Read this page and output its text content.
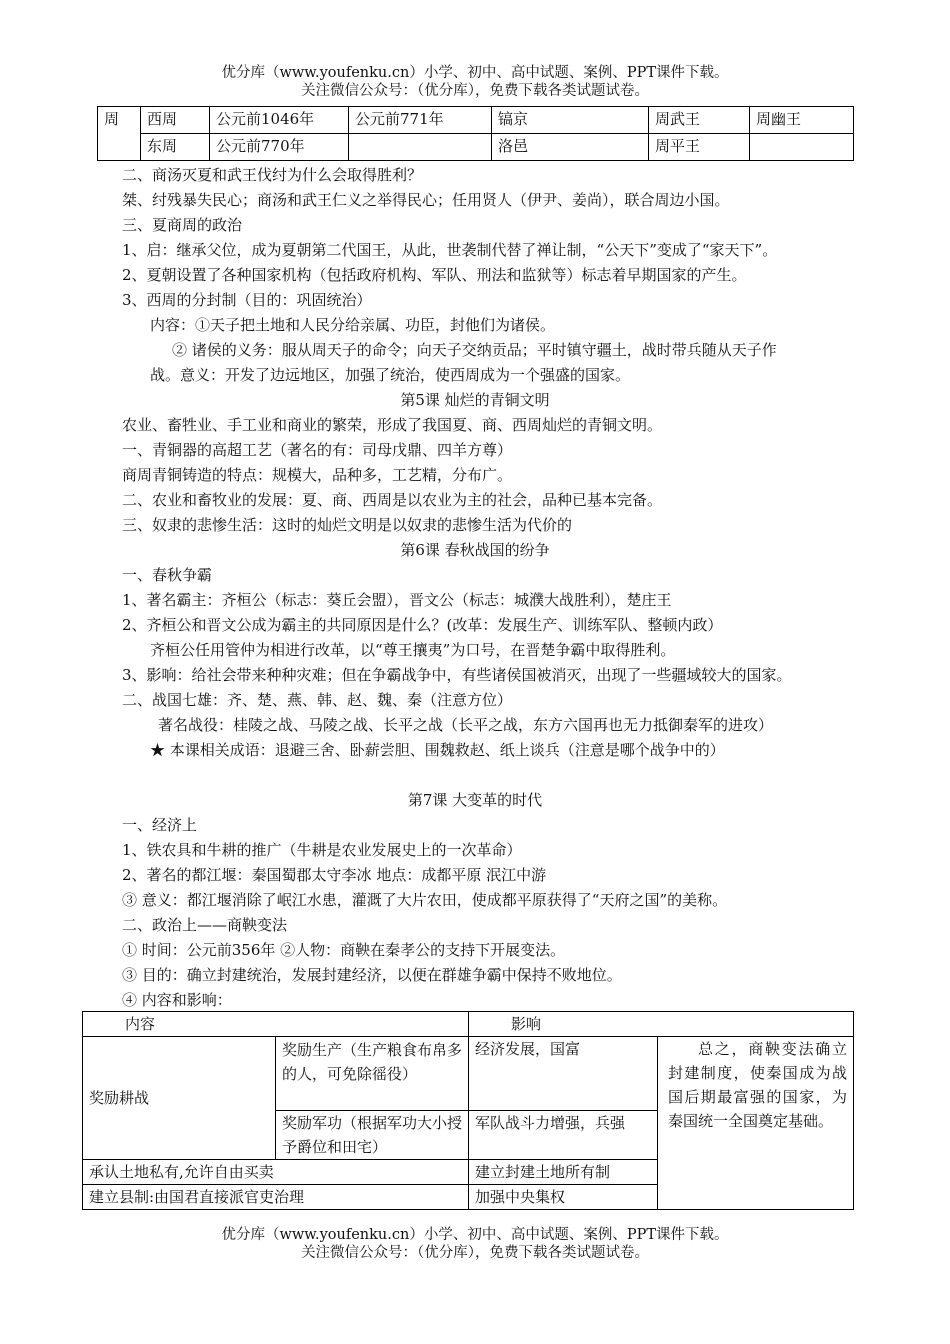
优分库（www.youfenku.cn）小学、初中、高中试题、案例、PPT课件下载。
关注微信公众号：（优分库），免费下载各类试题试卷。
周	西周	公元前1046年	公元前771年	镐京	周武王	周幽王
	东周	公元前770年		洛邑	周平王	
二、商汤灭夏和武王伐纣为什么会取得胜利？
桀、纣残暴失民心；商汤和武王仁义之举得民心；任用贤人（伊尹、姜尚），联合周边小国。
三、夏商周的政治
1、启：继承父位，成为夏朝第二代国王，从此，世袭制代替了禅让制，“公天下”变成了“家天下”。
2、夏朝设置了各种国家机构（包括政府机构、军队、刑法和监狱等）标志着早期国家的产生。
3、西周的分封制（目的：巩固统治）
内容：①天子把土地和人民分给亲属、功臣，封他们为诸侯。
② 诸侯的义务：服从周天子的命令；向天子交纳贡品；平时镇守疆土，战时带兵随从天子作
战。意义：开发了边远地区，加强了统治，使西周成为一个强盛的国家。
第5课 灿烂的青铜文明
农业、畜牲业、手工业和商业的繁荣，形成了我国夏、商、西周灿烂的青铜文明。
一、青铜器的高超工艺（著名的有：司母戊鼎、四羊方尊）
商周青铜铸造的特点：规模大，品种多，工艺精，分布广。
二、农业和畜牧业的发展：夏、商、西周是以农业为主的社会，品种已基本完备。
三、奴隶的悲惨生活：这时的灿烂文明是以奴隶的悲惨生活为代价的
第6课 春秋战国的纷争
一、春秋争霸
1、著名霸主：齐桓公（标志：葵丘会盟），晋文公（标志：城濮大战胜利），楚庄王
2、齐桓公和晋文公成为霸主的共同原因是什么？(改革：发展生产、训练军队、整顿内政）
齐桓公任用管仲为相进行改革，以“尊王攘夷”为口号，在晋楚争霸中取得胜利。
3、影响：给社会带来种种灾难；但在争霸战争中，有些诸侯国被消灭，出现了一些疆域较大的国家。
二、战国七雄：齐、楚、燕、韩、赵、魏、秦（注意方位）
著名战役：桂陵之战、马陵之战、长平之战（长平之战，东方六国再也无力抵御秦军的进攻）
★ 本课相关成语：退避三舍、卧薪尝胆、围魏救赵、纸上谈兵（注意是哪个战争中的）
第7课 大变革的时代
一、经济上
1、铁农具和牛耕的推广（牛耕是农业发展史上的一次革命）
2、著名的都江堰：秦国蜀郡太守李冰 地点：成都平原 泯江中游
③ 意义：都江堰消除了岷江水患，灌溉了大片农田，使成都平原获得了“天府之国”的美称。
二、政治上——商鞅变法
① 时间：公元前356年 ②人物：商鞅在秦孝公的支持下开展变法。
③ 目的：确立封建统治，发展封建经济，以便在群雄争霸中保持不败地位。
④ 内容和影响：
内容		影响	
奖励耕战	奖励生产（生产粮食布帛多的人，可免除徭役）	经济发展，国富	总之，商鞅变法确立封建制度，使秦国成为战国后期最富强的国家，为秦国统一全国奠定基础。
	奖励军功（根据军功大小授予爵位和田宅）	军队战斗力增强，兵强	
承认土地私有,允许自由买卖		建立封建土地所有制	
建立县制:由国君直接派官吏治理		加强中央集权	
优分库（www.youfenku.cn）小学、初中、高中试题、案例、PPT课件下载。
关注微信公众号：（优分库），免费下载各类试题试卷。
